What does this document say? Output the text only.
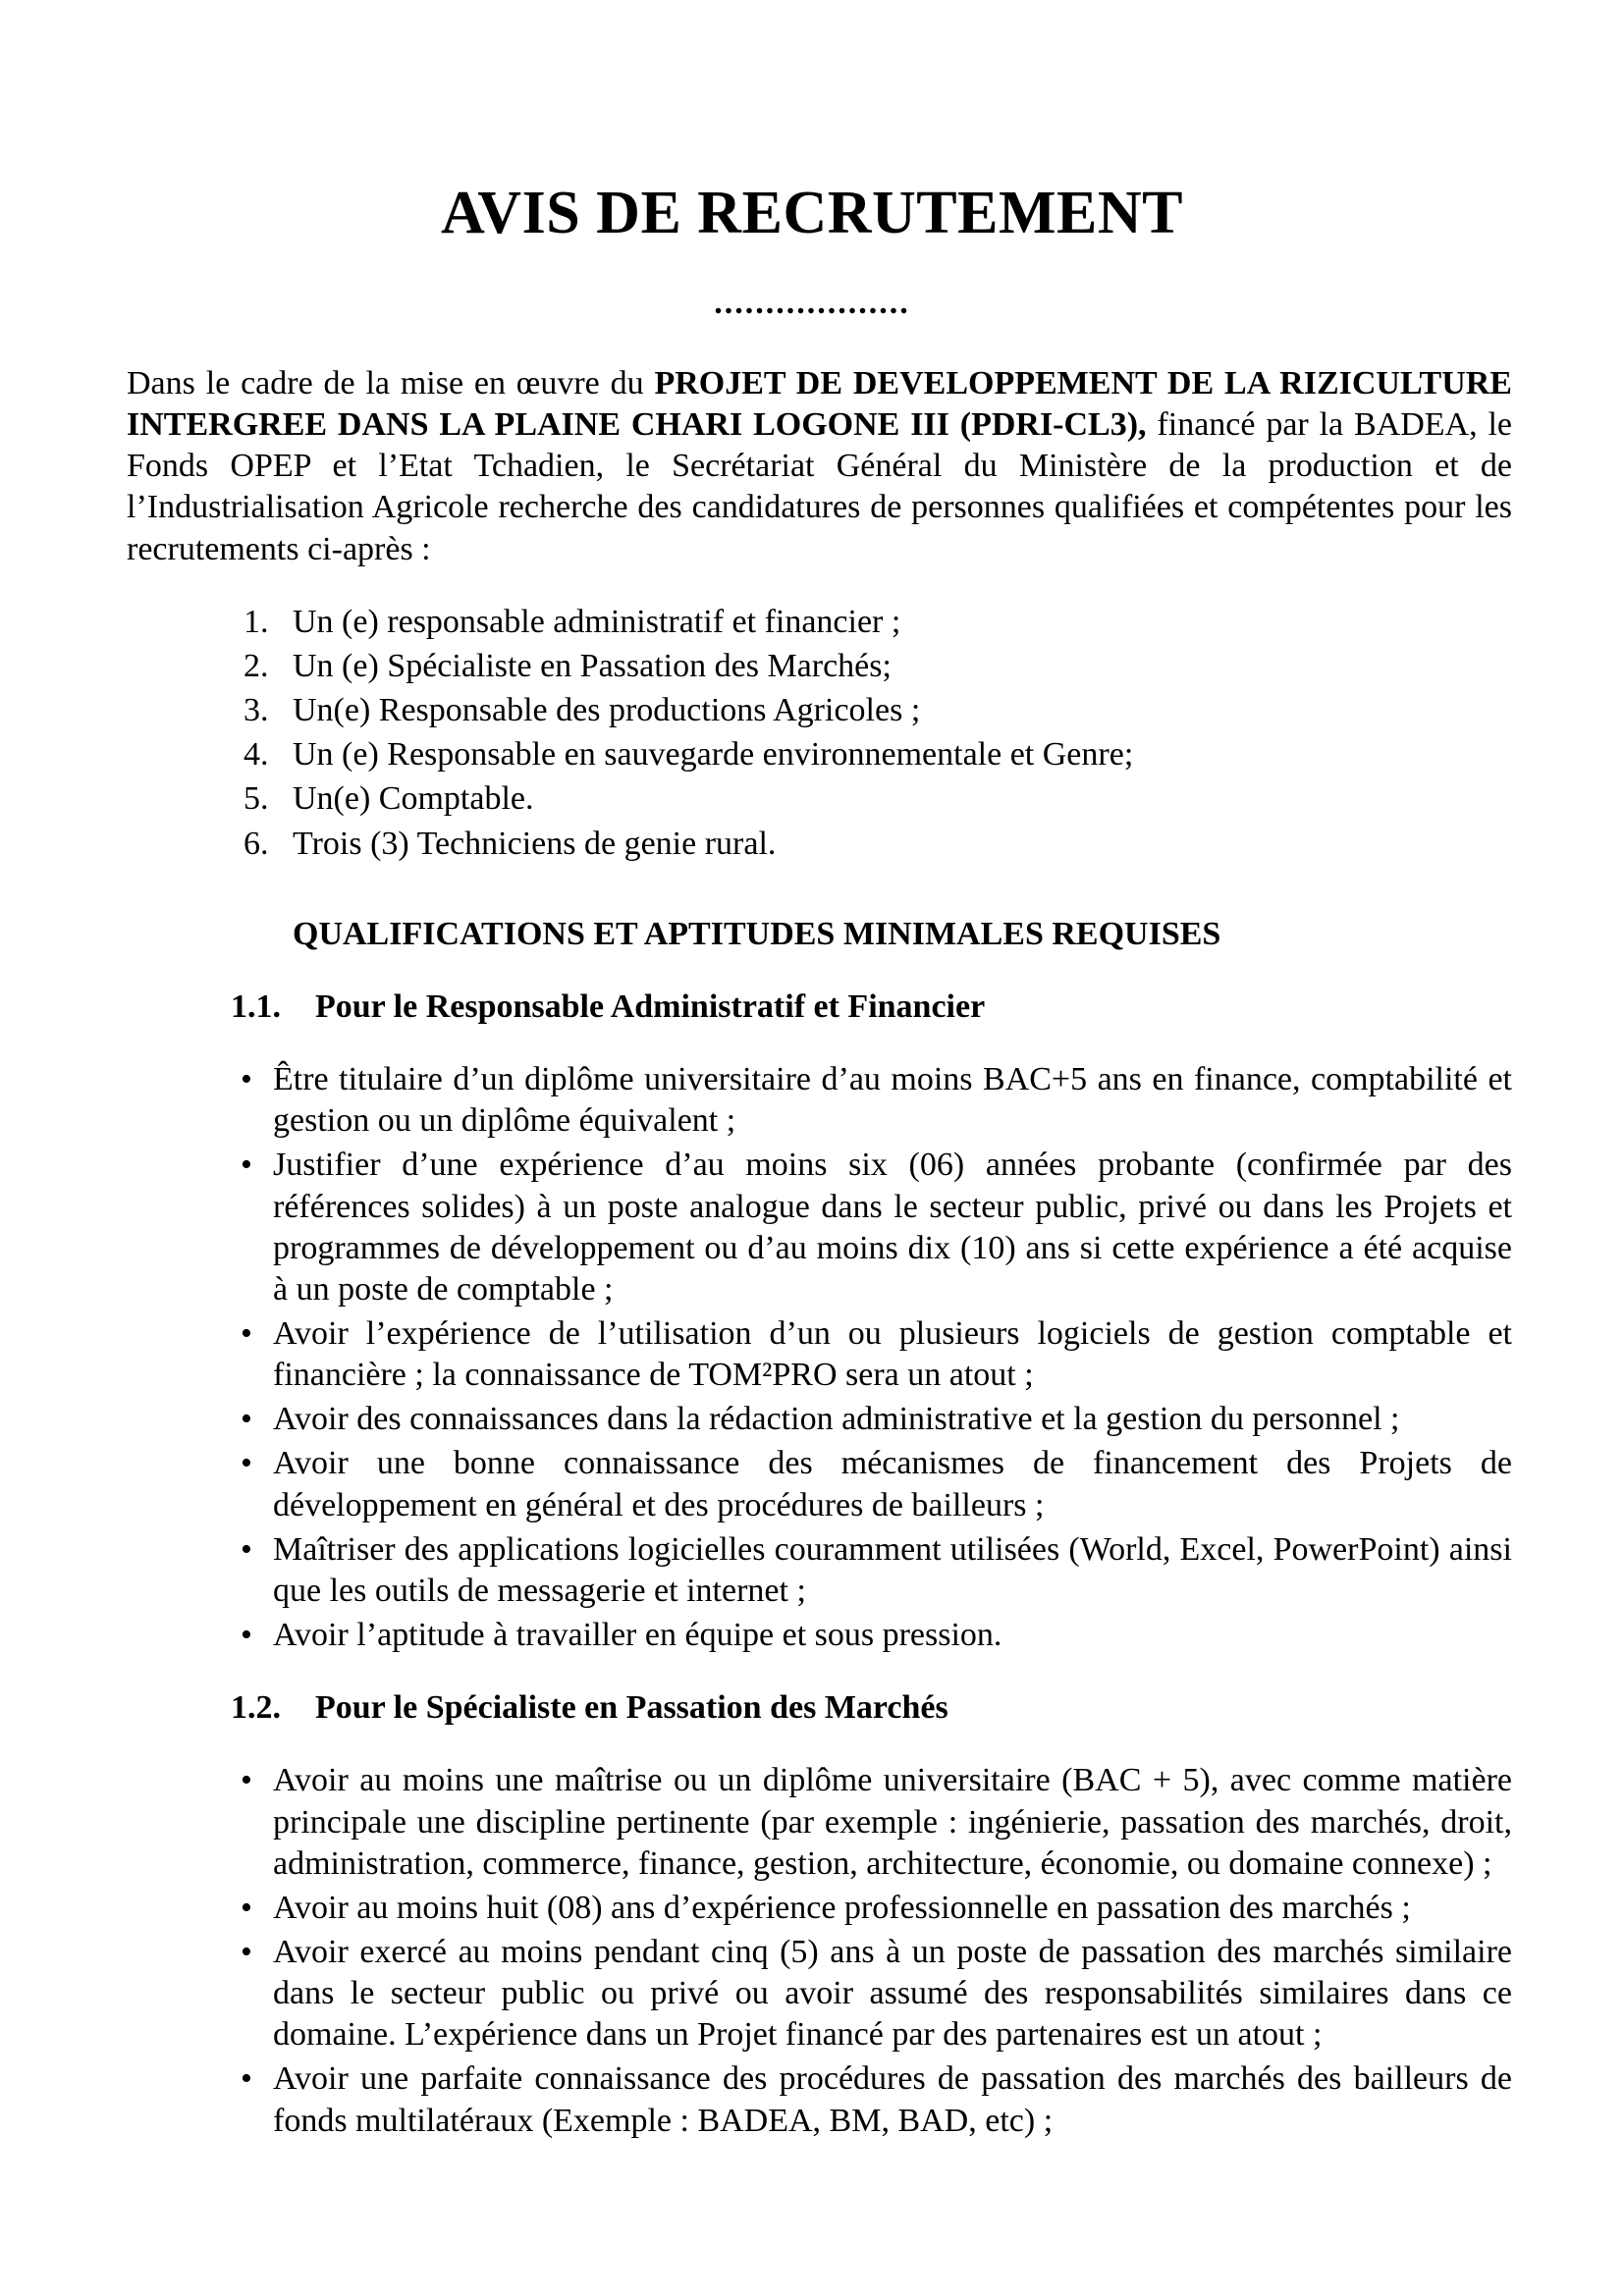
AVIS DE RECRUTEMENT
...................

Dans le cadre de la mise en œuvre du PROJET DE DEVELOPPEMENT DE LA RIZICULTURE INTERGREE DANS LA PLAINE CHARI LOGONE III (PDRI-CL3), financé par la BADEA, le Fonds OPEP et l’Etat Tchadien, le Secrétariat Général du Ministère de la production et de l’Industrialisation Agricole recherche des candidatures de personnes qualifiées et compétentes pour les recrutements ci-après :

1. Un (e) responsable administratif et financier ;
2. Un (e) Spécialiste en Passation des Marchés;
3. Un(e) Responsable des productions Agricoles ;
4. Un (e) Responsable en sauvegarde environnementale et Genre;
5. Un(e) Comptable.
6. Trois (3) Techniciens de genie rural.
QUALIFICATIONS ET APTITUDES MINIMALES REQUISES
1.1.	Pour le Responsable Administratif et Financier
• Être titulaire d’un diplôme universitaire d’au moins BAC+5 ans en finance, comptabilité et gestion ou un diplôme équivalent ;
• Justifier d’une expérience d’au moins six (06) années probante (confirmée par des références solides) à un poste analogue dans le secteur public, privé ou dans les Projets et programmes de développement ou d’au moins dix (10) ans si cette expérience a été acquise à un poste de comptable ;
• Avoir l’expérience de l’utilisation d’un ou plusieurs logiciels de gestion comptable et financière ; la connaissance de TOM²PRO sera un atout ;
• Avoir des connaissances dans la rédaction administrative et la gestion du personnel ;
• Avoir une bonne connaissance des mécanismes de financement des Projets de développement en général et des procédures de bailleurs ;
• Maîtriser des applications logicielles couramment utilisées (World, Excel, PowerPoint) ainsi que les outils de messagerie et internet ;
• Avoir l’aptitude à travailler en équipe et sous pression.
1.2.	Pour le Spécialiste en Passation des Marchés
• Avoir au moins une maîtrise ou un diplôme universitaire (BAC + 5), avec comme matière principale une discipline pertinente (par exemple : ingénierie, passation des marchés, droit, administration, commerce, finance, gestion, architecture, économie, ou domaine connexe) ;
• Avoir au moins huit (08) ans d’expérience professionnelle en passation des marchés ;
• Avoir exercé au moins pendant cinq (5) ans à un poste de passation des marchés similaire dans le secteur public ou privé ou avoir assumé des responsabilités similaires dans ce domaine. L’expérience dans un Projet financé par des partenaires est un atout ;
• Avoir une parfaite connaissance des procédures de passation des marchés des bailleurs de fonds multilatéraux (Exemple : BADEA, BM, BAD, etc) ;
